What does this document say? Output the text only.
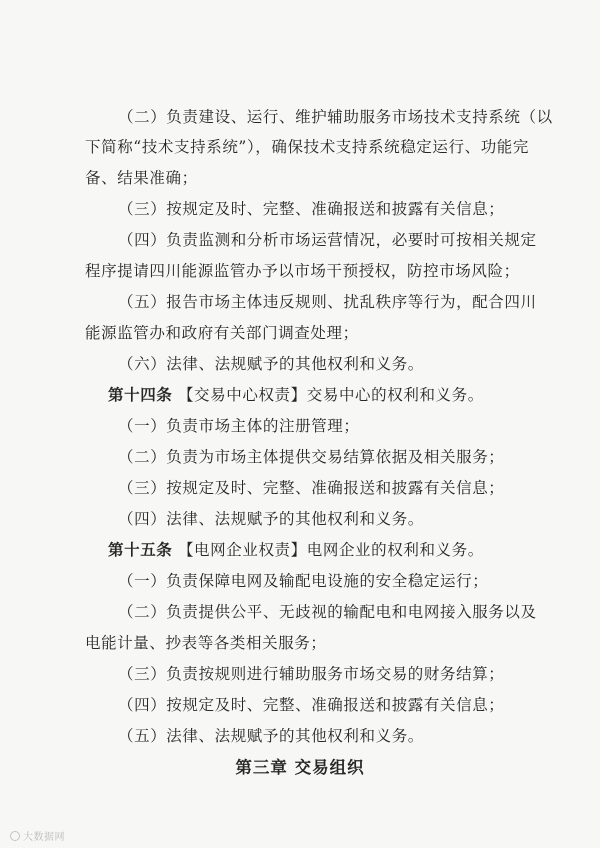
（二）负责建设、运行、维护辅助服务市场技术支持系统（以
下简称“技术支持系统”），确保技术支持系统稳定运行、功能完
备、结果准确；
（三）按规定及时、完整、准确报送和披露有关信息；
（四）负责监测和分析市场运营情况，必要时可按相关规定
程序提请四川能源监管办予以市场干预授权，防控市场风险；
（五）报告市场主体违反规则、扰乱秩序等行为，配合四川
能源监管办和政府有关部门调查处理；
（六）法律、法规赋予的其他权利和义务。
第十四条 【交易中心权责】交易中心的权利和义务。
（一）负责市场主体的注册管理；
（二）负责为市场主体提供交易结算依据及相关服务；
（三）按规定及时、完整、准确报送和披露有关信息；
（四）法律、法规赋予的其他权利和义务。
第十五条 【电网企业权责】电网企业的权利和义务。
（一）负责保障电网及输配电设施的安全稳定运行；
（二）负责提供公平、无歧视的输配电和电网接入服务以及
电能计量、抄表等各类相关服务；
（三）负责按规则进行辅助服务市场交易的财务结算；
（四）按规定及时、完整、准确报送和披露有关信息；
（五）法律、法规赋予的其他权利和义务。
第三章 交易组织
大数据网
